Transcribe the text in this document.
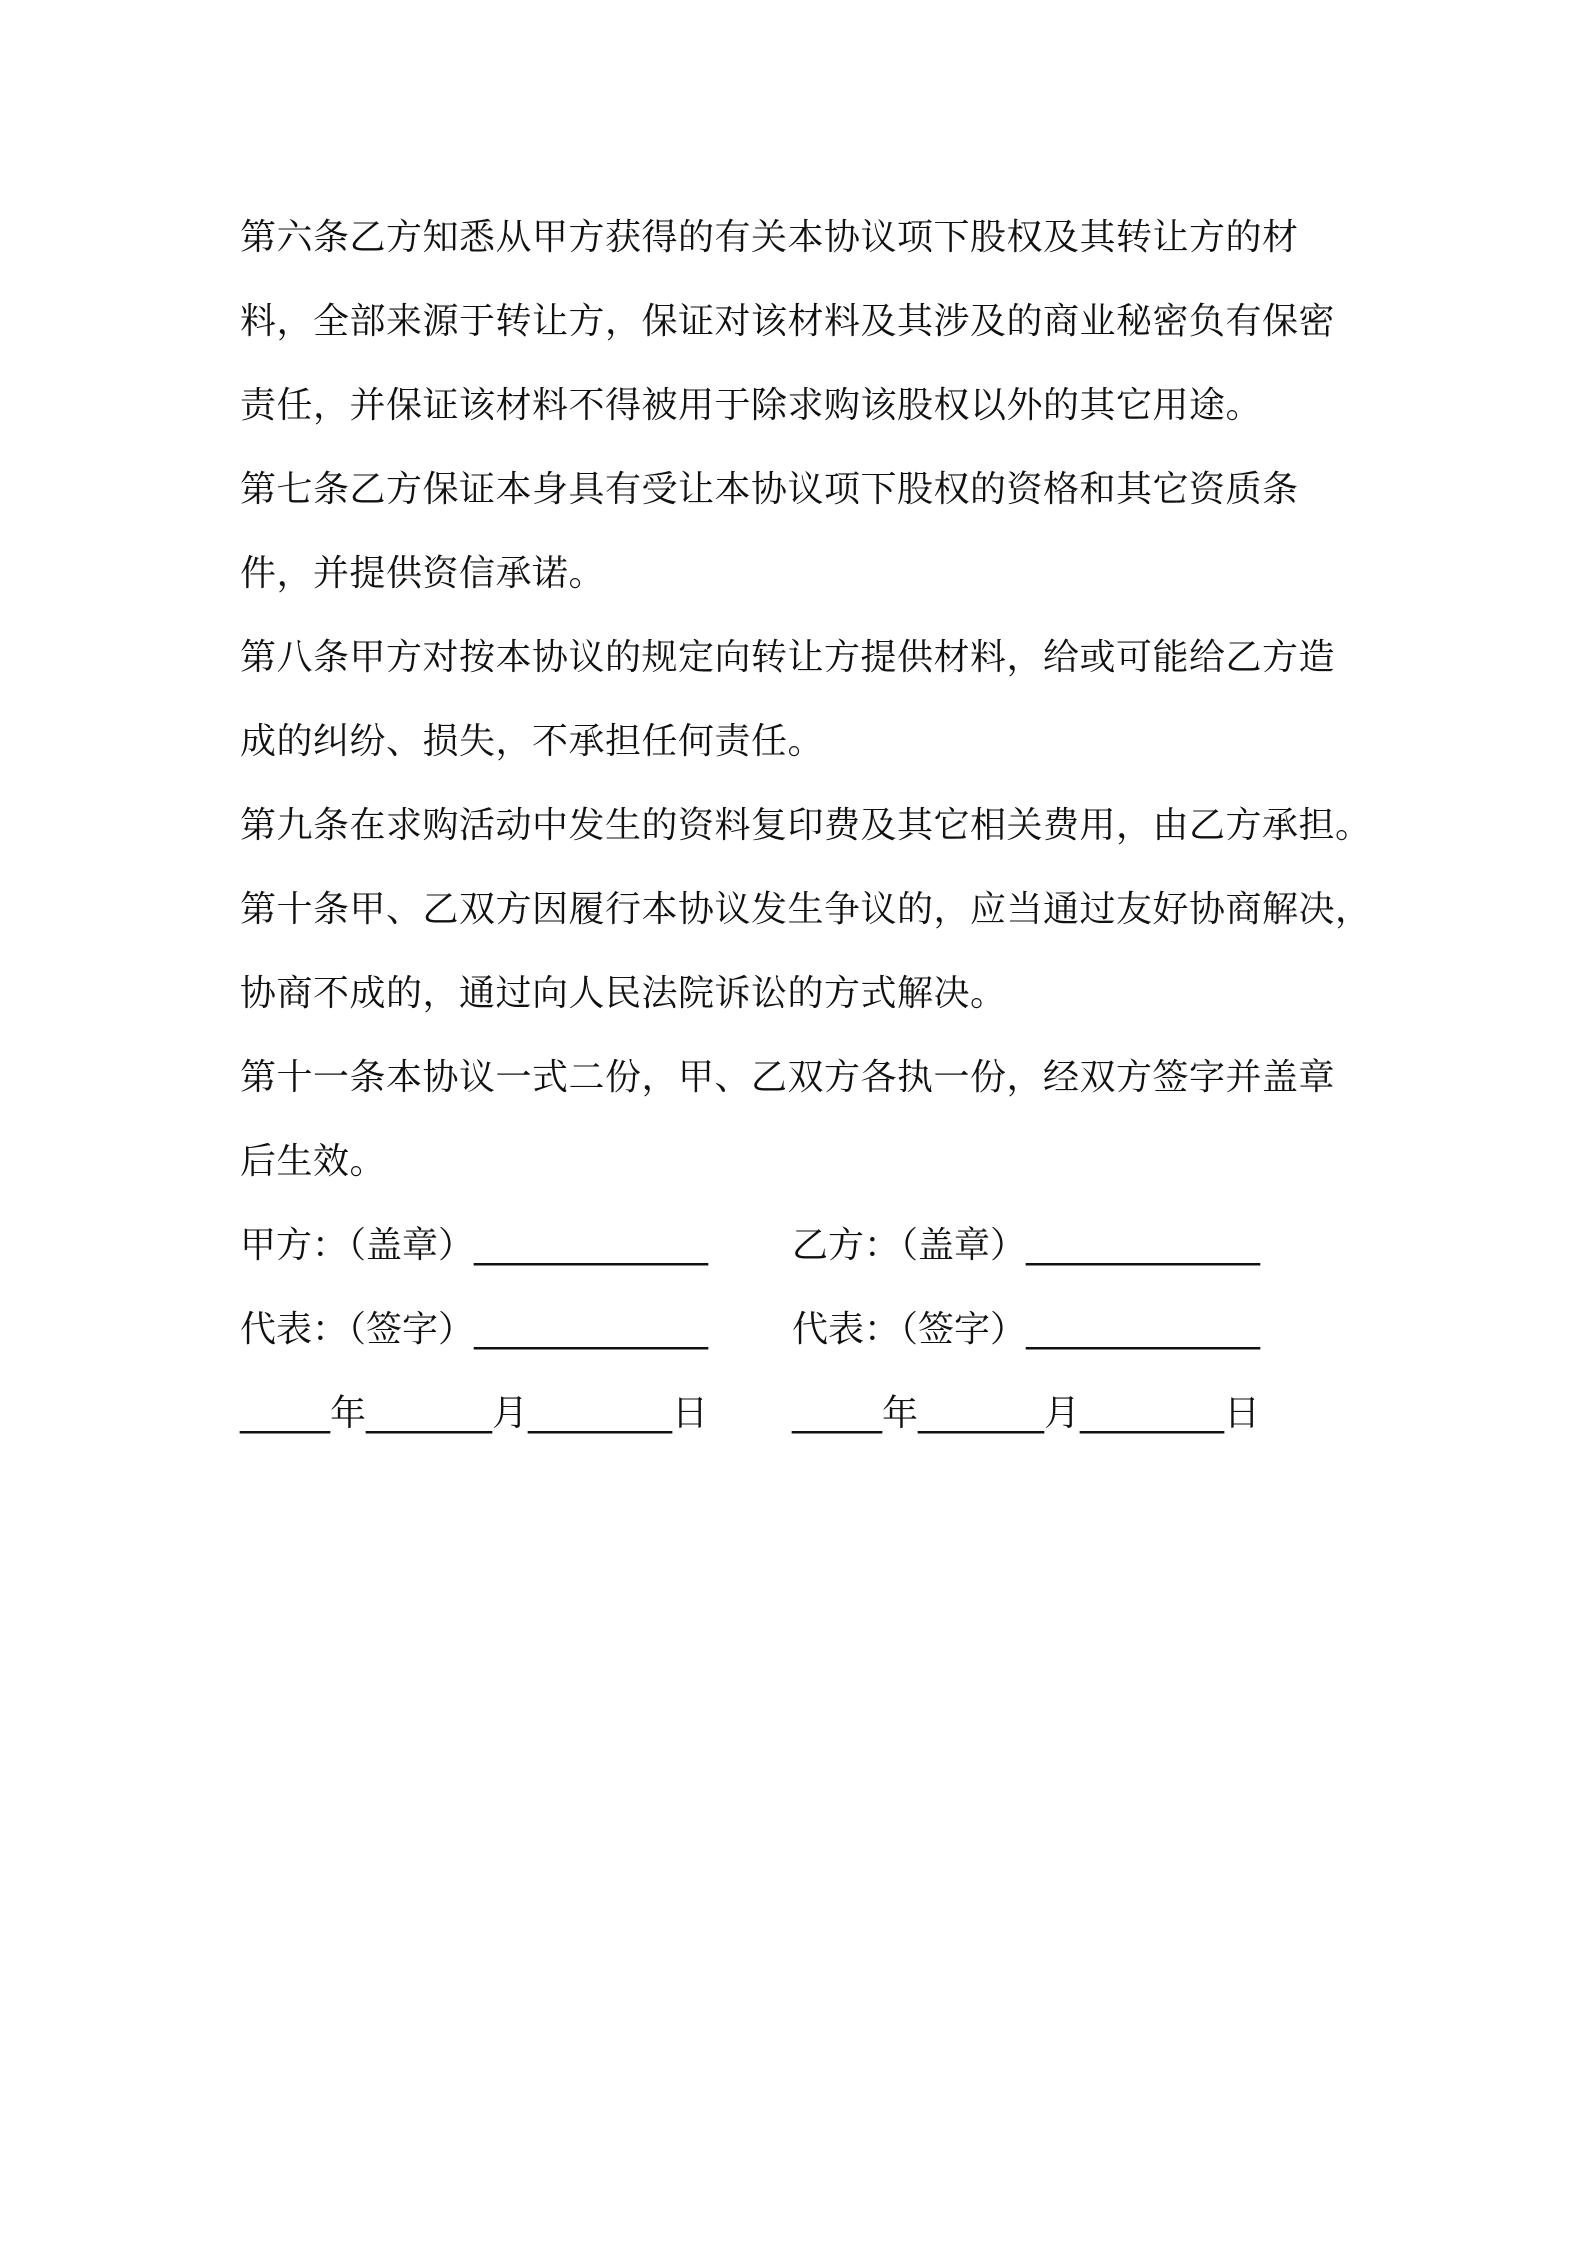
第六条乙方知悉从甲方获得的有关本协议项下股权及其转让方的材
料，全部来源于转让方，保证对该材料及其涉及的商业秘密负有保密
责任，并保证该材料不得被用于除求购该股权以外的其它用途。
第七条乙方保证本身具有受让本协议项下股权的资格和其它资质条
件，并提供资信承诺。
第八条甲方对按本协议的规定向转让方提供材料，给或可能给乙方造
成的纠纷、损失，不承担任何责任。
第九条在求购活动中发生的资料复印费及其它相关费用，由乙方承担。
第十条甲、乙双方因履行本协议发生争议的，应当通过友好协商解决，
协商不成的，通过向人民法院诉讼的方式解决。
第十一条本协议一式二份，甲、乙双方各执一份，经双方签字并盖章
后生效。
甲方：（盖章）_____________ 乙方：（盖章）_____________
代表：（签字）_____________ 代表：（签字）_____________
_____年_______月________日 _____年_______月________日
